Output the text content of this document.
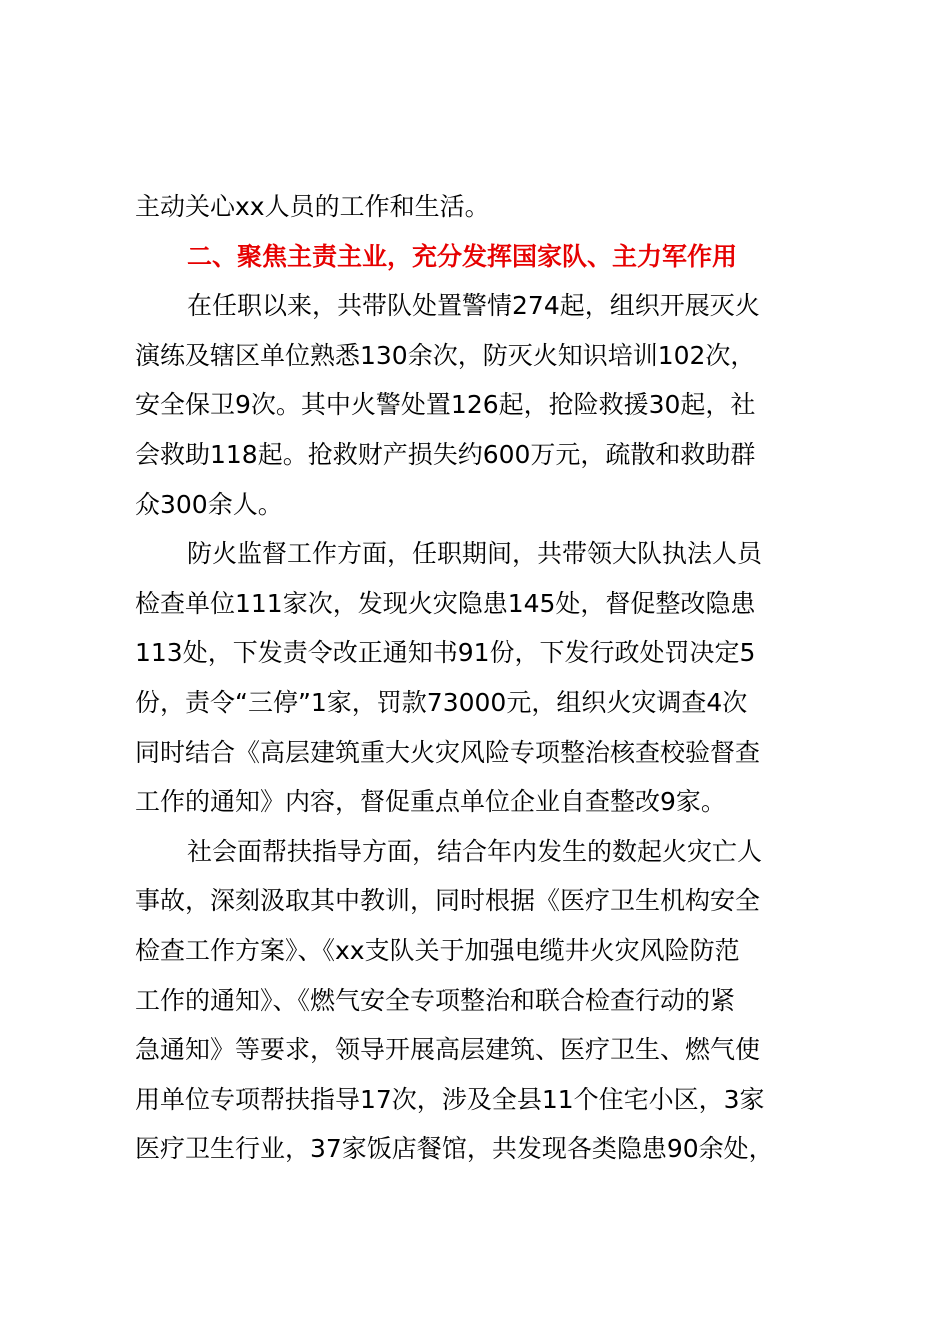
主动关心xx人员的工作和生活。
二、聚焦主责主业，充分发挥国家队、主力军作用
在任职以来，共带队处置警情274起，组织开展灭火
演练及辖区单位熟悉130余次，防灭火知识培训102次，
安全保卫9次。其中火警处置126起，抢险救援30起，社
会救助118起。抢救财产损失约600万元，疏散和救助群
众300余人。
防火监督工作方面，任职期间，共带领大队执法人员
检查单位111家次，发现火灾隐患145处，督促整改隐患
113处，下发责令改正通知书91份，下发行政处罚决定5
份，责令“三停”1家，罚款73000元，组织火灾调查4次
同时结合《高层建筑重大火灾风险专项整治核查校验督查
工作的通知》内容，督促重点单位企业自查整改9家。
社会面帮扶指导方面，结合年内发生的数起火灾亡人
事故，深刻汲取其中教训，同时根据《医疗卫生机构安全
检查工作方案》、《xx支队关于加强电缆井火灾风险防范
工作的通知》、《燃气安全专项整治和联合检查行动的紧
急通知》等要求，领导开展高层建筑、医疗卫生、燃气使
用单位专项帮扶指导17次，涉及全县11个住宅小区，3家
医疗卫生行业，37家饭店餐馆，共发现各类隐患90余处，
